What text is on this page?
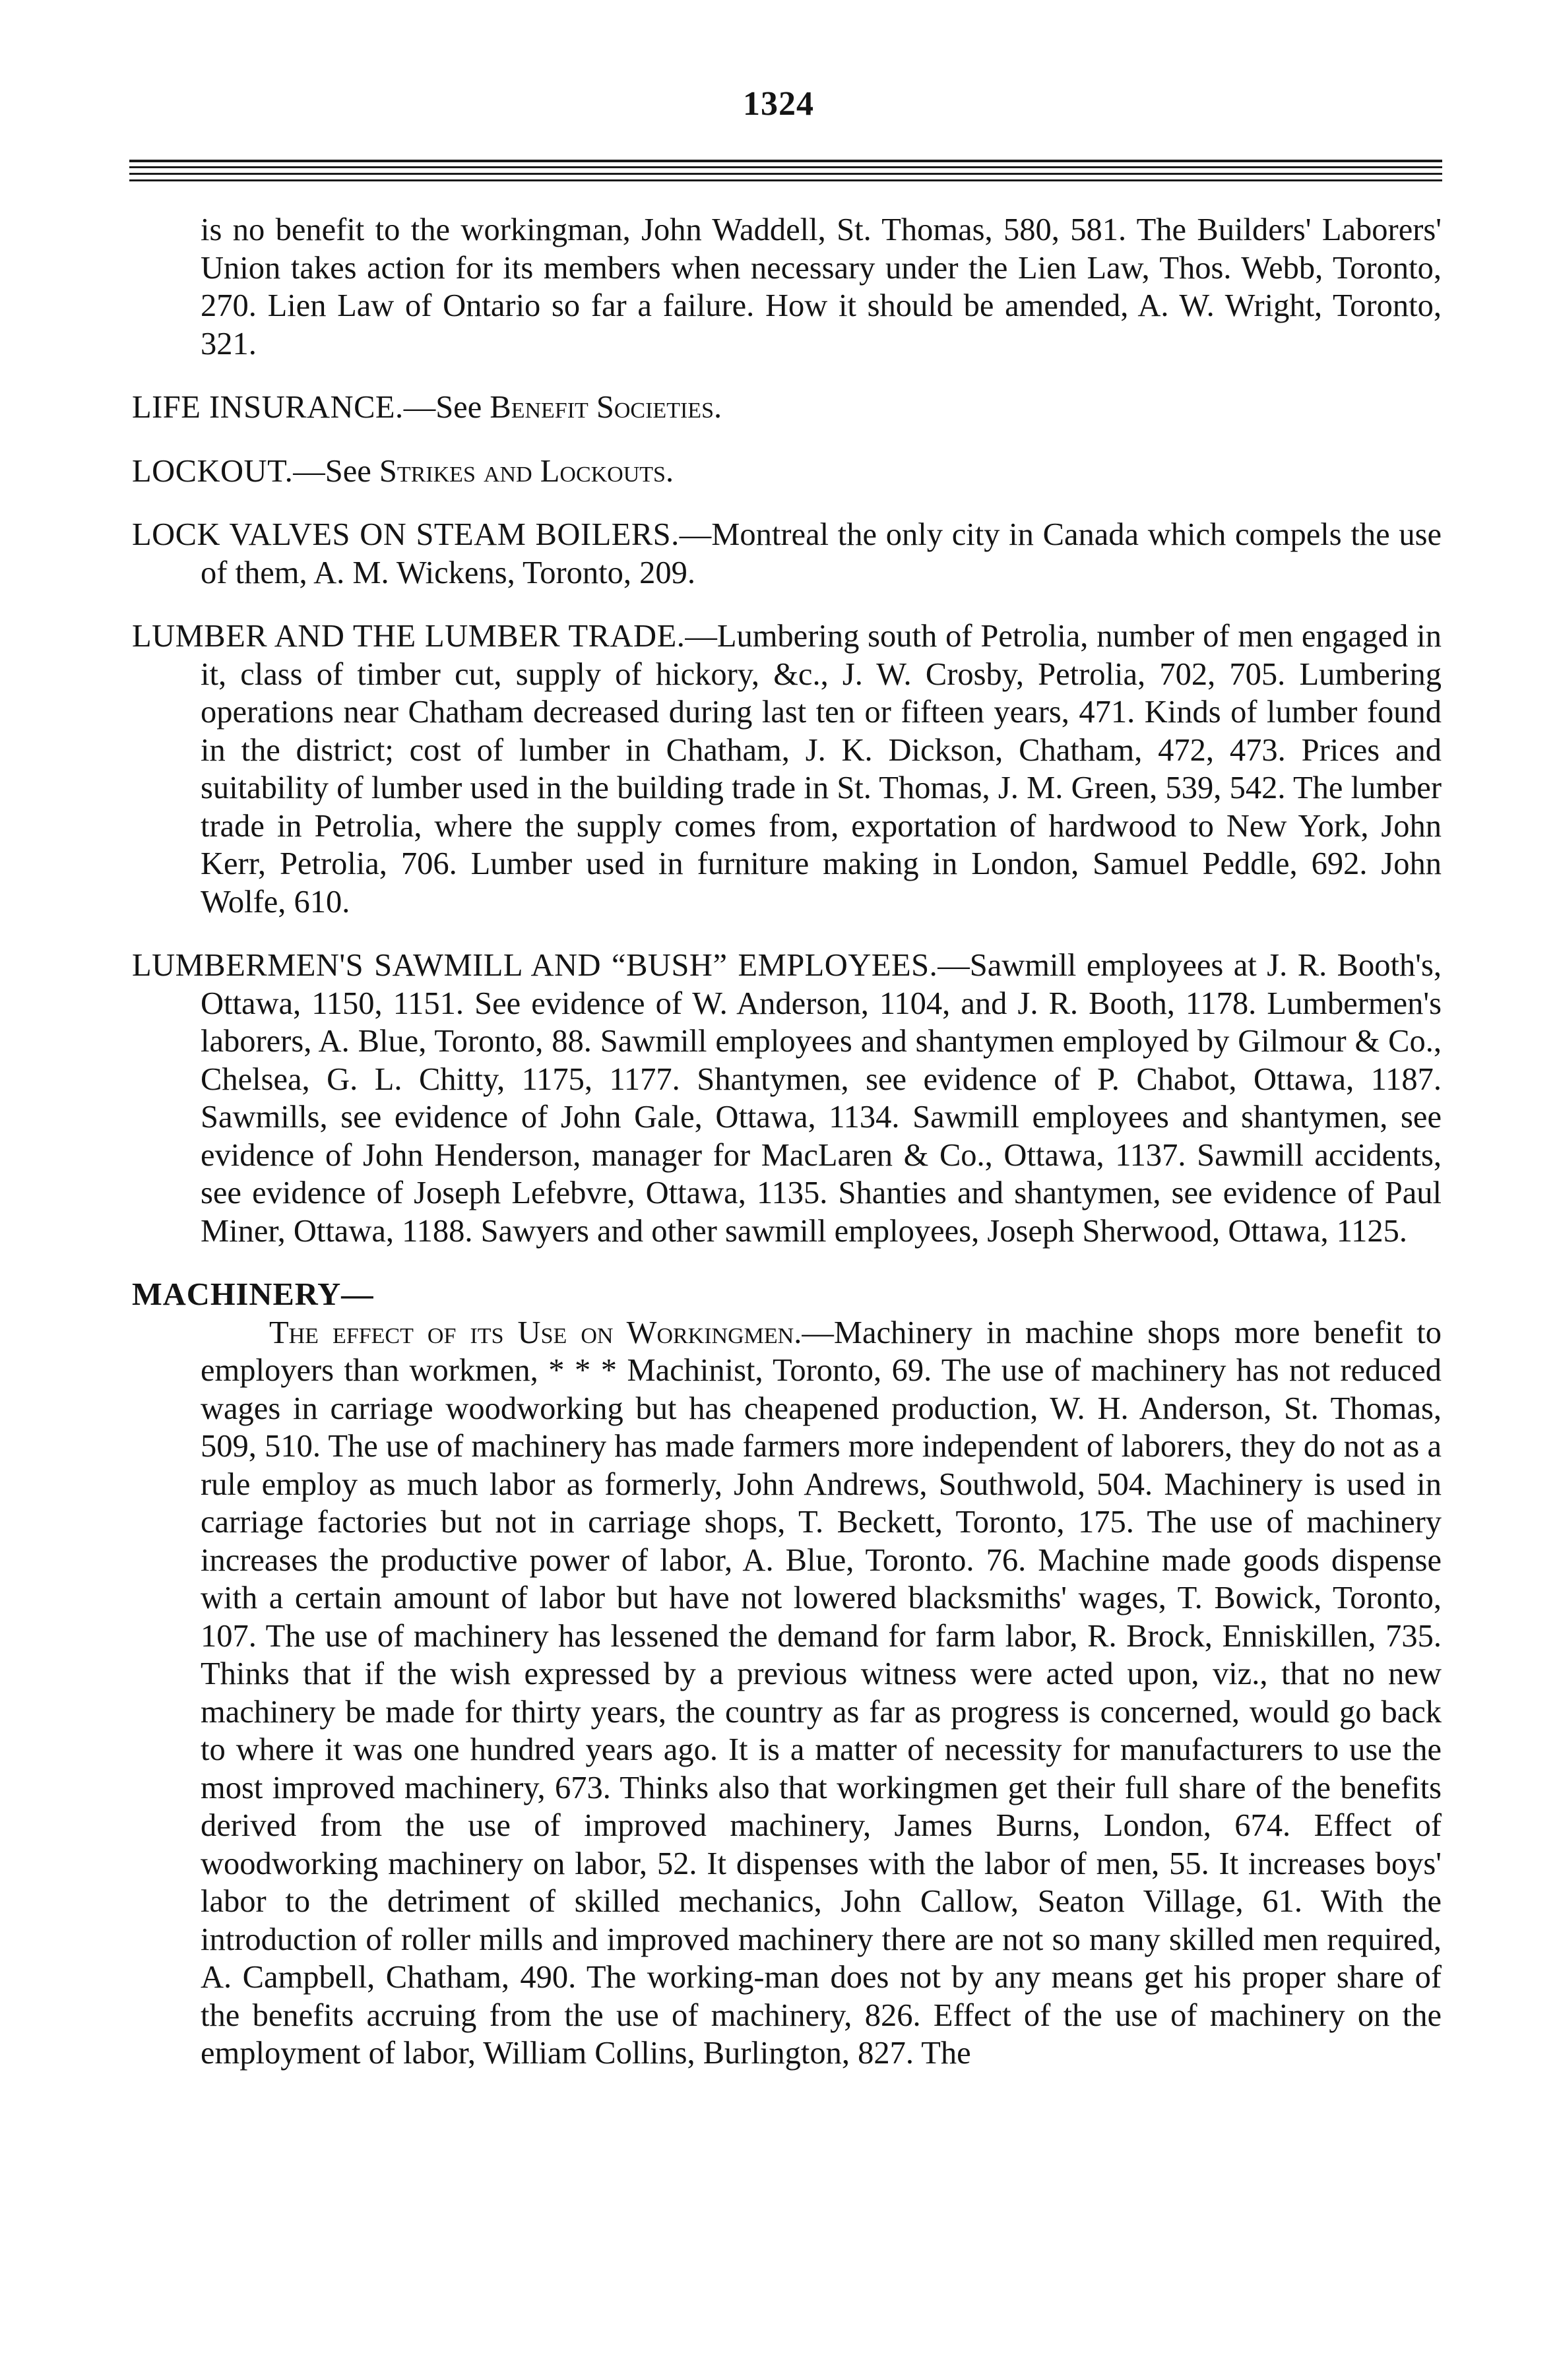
1324

is no benefit to the workingman, John Waddell, St. Thomas, 580, 581. The Builders' Laborers' Union takes action for its members when necessary under the Lien Law, Thos. Webb, Toronto, 270. Lien Law of Ontario so far a failure. How it should be amended, A. W. Wright, Toronto, 321.

LIFE INSURANCE.—See Benefit Societies.

LOCKOUT.—See Strikes and Lockouts.

LOCK VALVES ON STEAM BOILERS.—Montreal the only city in Canada which compels the use of them, A. M. Wickens, Toronto, 209.

LUMBER AND THE LUMBER TRADE.—Lumbering south of Petrolia, number of men engaged in it, class of timber cut, supply of hickory, &c., J. W. Crosby, Petrolia, 702, 705. Lumbering operations near Chatham decreased during last ten or fifteen years, 471. Kinds of lumber found in the district; cost of lumber in Chatham, J. K. Dickson, Chatham, 472, 473. Prices and suitability of lumber used in the building trade in St. Thomas, J. M. Green, 539, 542. The lumber trade in Petrolia, where the supply comes from, exportation of hardwood to New York, John Kerr, Petrolia, 706. Lumber used in furniture making in London, Samuel Peddle, 692. John Wolfe, 610.

LUMBERMEN'S SAWMILL AND “BUSH” EMPLOYEES.—Sawmill employees at J. R. Booth's, Ottawa, 1150, 1151. See evidence of W. Anderson, 1104, and J. R. Booth, 1178. Lumbermen's laborers, A. Blue, Toronto, 88. Sawmill employees and shantymen employed by Gilmour & Co., Chelsea, G. L. Chitty, 1175, 1177. Shantymen, see evidence of P. Chabot, Ottawa, 1187. Sawmills, see evidence of John Gale, Ottawa, 1134. Sawmill employees and shantymen, see evidence of John Henderson, manager for MacLaren & Co., Ottawa, 1137. Sawmill accidents, see evidence of Joseph Lefebvre, Ottawa, 1135. Shanties and shantymen, see evidence of Paul Miner, Ottawa, 1188. Sawyers and other sawmill employees, Joseph Sherwood, Ottawa, 1125.

MACHINERY—

The effect of its Use on Workingmen.—Machinery in machine shops more benefit to employers than workmen, * * * Machinist, Toronto, 69. The use of machinery has not reduced wages in carriage woodworking but has cheapened production, W. H. Anderson, St. Thomas, 509, 510. The use of machinery has made farmers more independent of laborers, they do not as a rule employ as much labor as formerly, John Andrews, Southwold, 504. Machinery is used in carriage factories but not in carriage shops, T. Beckett, Toronto, 175. The use of machinery increases the productive power of labor, A. Blue, Toronto. 76. Machine made goods dispense with a certain amount of labor but have not lowered blacksmiths' wages, T. Bowick, Toronto, 107. The use of machinery has lessened the demand for farm labor, R. Brock, Enniskillen, 735. Thinks that if the wish expressed by a previous witness were acted upon, viz., that no new machinery be made for thirty years, the country as far as progress is concerned, would go back to where it was one hundred years ago. It is a matter of necessity for manufacturers to use the most improved machinery, 673. Thinks also that workingmen get their full share of the benefits derived from the use of improved machinery, James Burns, London, 674. Effect of woodworking machinery on labor, 52. It dispenses with the labor of men, 55. It increases boys' labor to the detriment of skilled mechanics, John Callow, Seaton Village, 61. With the introduction of roller mills and improved machinery there are not so many skilled men required, A. Campbell, Chatham, 490. The working-man does not by any means get his proper share of the benefits accruing from the use of machinery, 826. Effect of the use of machinery on the employment of labor, William Collins, Burlington, 827. The
